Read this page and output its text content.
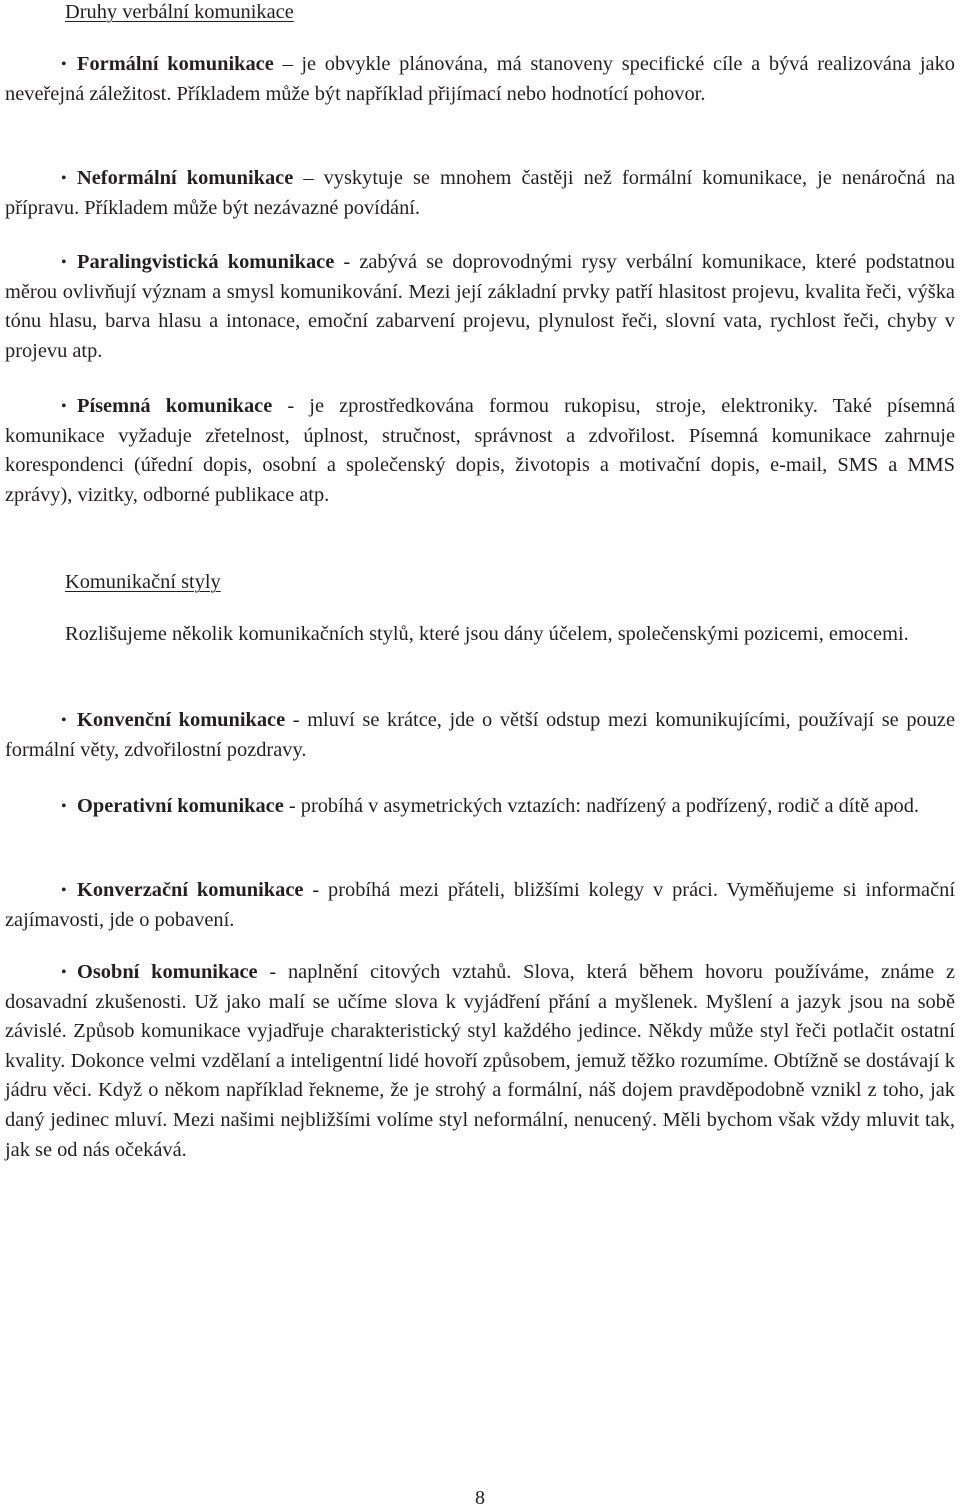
Druhy verbální komunikace

• Formální komunikace – je obvykle plánována, má stanoveny specifické cíle a bývá realizována jako neveřejná záležitost. Příkladem může být například přijímací nebo hodnotící pohovor.

• Neformální komunikace – vyskytuje se mnohem častěji než formální komunikace, je nenáročná na přípravu. Příkladem může být nezávazné povídání.

• Paralingvistická komunikace - zabývá se doprovodnými rysy verbální komunikace, které podstatnou měrou ovlivňují význam a smysl komunikování. Mezi její základní prvky patří hlasitost projevu, kvalita řeči, výška tónu hlasu, barva hlasu a intonace, emoční zabarvení projevu, plynulost řeči, slovní vata, rychlost řeči, chyby v projevu atp.

• Písemná komunikace - je zprostředkována formou rukopisu, stroje, elektroniky. Také písemná komunikace vyžaduje zřetelnost, úplnost, stručnost, správnost a zdvořilost. Písemná komunikace zahrnuje korespondenci (úřední dopis, osobní a společenský dopis, životopis a motivační dopis, e-mail, SMS a MMS zprávy), vizitky, odborné publikace atp.

Komunikační styly

Rozlišujeme několik komunikačních stylů, které jsou dány účelem, společenskými pozicemi, emocemi.

• Konvenční komunikace - mluví se krátce, jde o větší odstup mezi komunikujícími, používají se pouze formální věty, zdvořilostní pozdravy.

• Operativní komunikace - probíhá v asymetrických vztazích: nadřízený a podřízený, rodič a dítě apod.

• Konverzační komunikace - probíhá mezi přáteli, bližšími kolegy v práci. Vyměňujeme si informační zajímavosti, jde o pobavení.

• Osobní komunikace - naplnění citových vztahů. Slova, která během hovoru používáme, známe z dosavadní zkušenosti. Už jako malí se učíme slova k vyjádření přání a myšlenek. Myšlení a jazyk jsou na sobě závislé. Způsob komunikace vyjadřuje charakteristický styl každého jedince. Někdy může styl řeči potlačit ostatní kvality. Dokonce velmi vzdělaní a inteligentní lidé hovoří způsobem, jemuž těžko rozumíme. Obtížně se dostávají k jádru věci. Když o někom například řekneme, že je strohý a formální, náš dojem pravděpodobně vznikl z toho, jak daný jedinec mluví. Mezi našimi nejbližšími volíme styl neformální, nenucený. Měli bychom však vždy mluvit tak, jak se od nás očekává.

8
